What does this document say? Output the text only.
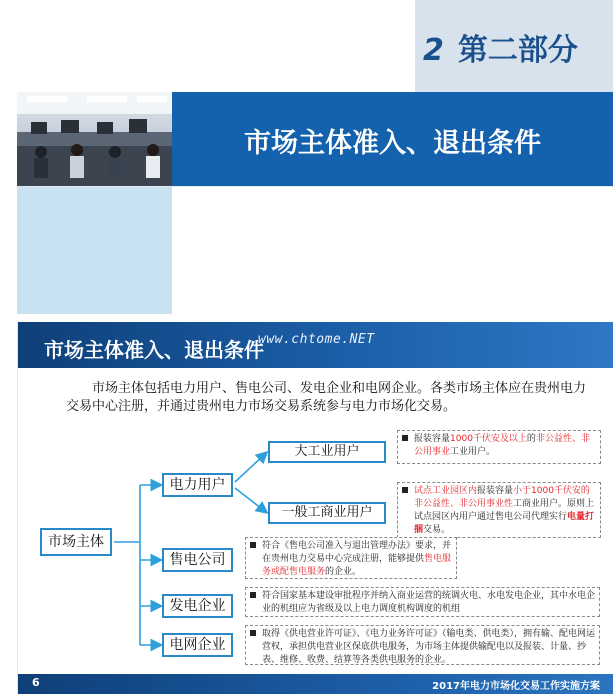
2 第二部分
市场主体准入、退出条件
市场主体准入、退出条件
www.chtome.NET

市场主体包括电力用户、售电公司、发电企业和电网企业。各类市场主体应在贵州电力交易中心注册，并通过贵州电力市场交易系统参与电力市场化交易。

市场主体
电力用户
售电公司
发电企业
电网企业
大工业用户
一般工商业用户
报装容量1000千伏安及以上的非公益性、非公用事业工业用户。
试点工业园区内报装容量小于1000千伏安的非公益性、非公用事业性工商业用户。原则上试点园区内用户通过售电公司代理实行电量打捆交易。
符合《售电公司准入与退出管理办法》要求，并在贵州电力交易中心完成注册，能够提供售电服务或配售电服务的企业。
符合国家基本建设审批程序并纳入商业运营的统调火电、水电发电企业，其中水电企业的机组应为省级及以上电力调度机构调度的机组
取得《供电营业许可证》、《电力业务许可证》（输电类、供电类），拥有输、配电网运营权，承担供电营业区保底供电服务，为市场主体提供输配电以及报装、计量、抄表、维修、收费、结算等各类供电服务的企业。
6	2017年电力市场化交易工作实施方案
